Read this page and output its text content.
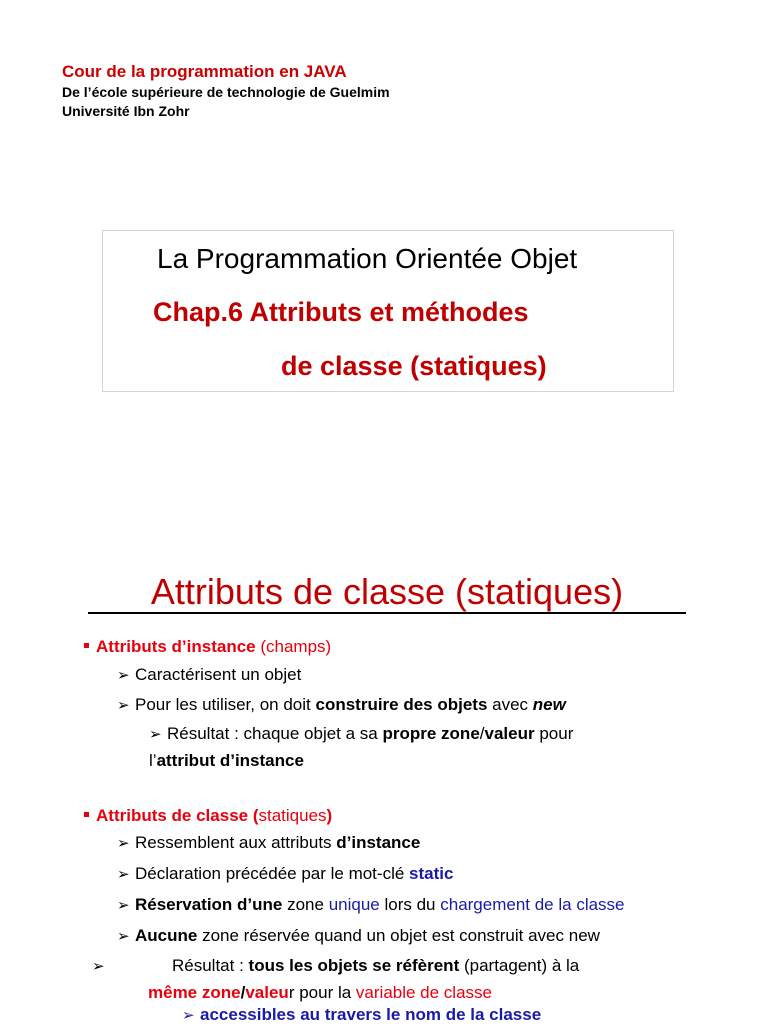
Cour de la programmation en JAVA
De l’école supérieure de technologie de Guelmim
Université Ibn Zohr
La Programmation Orientée Objet
Chap.6 Attributs et méthodes
de classe (statiques)
Attributs de classe (statiques)
Attributs d’instance (champs)
➢ Caractérisent un objet
➢ Pour les utiliser, on doit construire des objets avec new
➢ Résultat : chaque objet a sa propre zone/valeur pour
l’attribut d’instance
Attributs de classe (statiques)
➢ Ressemblent aux attributs d’instance
➢ Déclaration précédée par le mot-clé static
➢ Réservation d’une zone unique lors du chargement de la classe
➢ Aucune zone réservée quand un objet est construit avec new
➢	Résultat : tous les objets se réfèrent (partagent) à la
même zone/valeur pour la variable de classe
➢ accessibles au travers le nom de la classe
